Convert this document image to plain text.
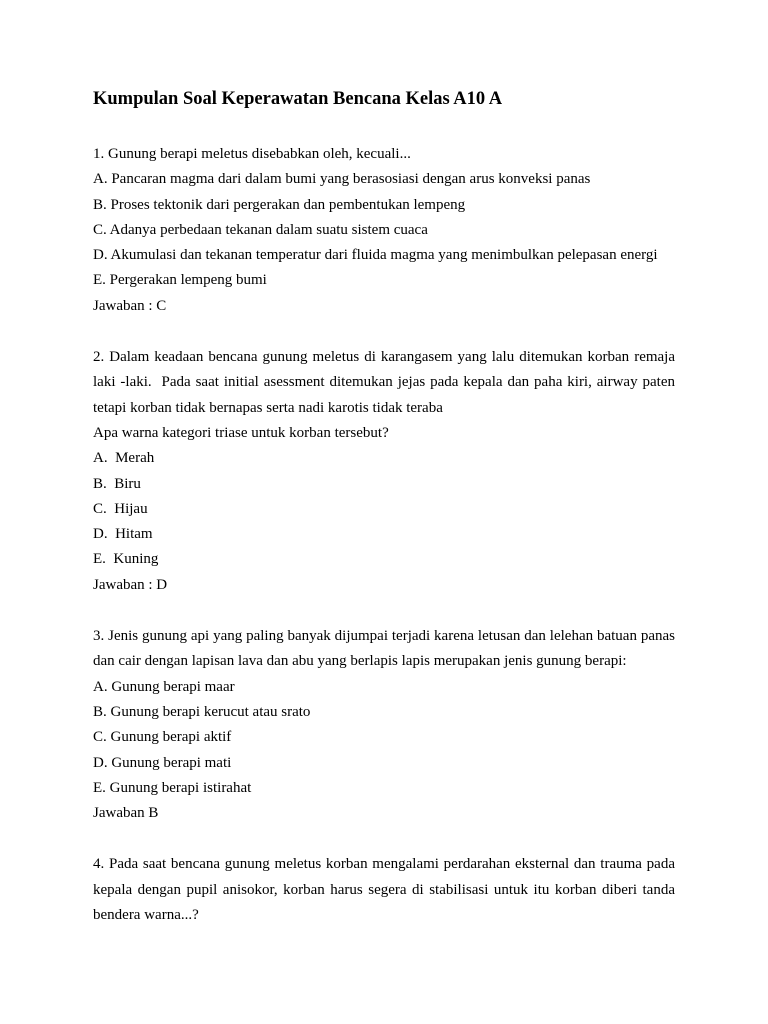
Kumpulan Soal Keperawatan Bencana Kelas A10 A
1. Gunung berapi meletus disebabkan oleh, kecuali...
A. Pancaran magma dari dalam bumi yang berasosiasi dengan arus konveksi panas
B. Proses tektonik dari pergerakan dan pembentukan lempeng
C. Adanya perbedaan tekanan dalam suatu sistem cuaca
D. Akumulasi dan tekanan temperatur dari fluida magma yang menimbulkan pelepasan energi
E. Pergerakan lempeng bumi
Jawaban : C
2. Dalam keadaan bencana gunung meletus di karangasem yang lalu ditemukan korban remaja laki -laki.  Pada saat initial asessment ditemukan jejas pada kepala dan paha kiri, airway paten tetapi korban tidak bernapas serta nadi karotis tidak teraba
Apa warna kategori triase untuk korban tersebut?
A.  Merah
B.  Biru
C.  Hijau
D.  Hitam
E.  Kuning
Jawaban : D
3. Jenis gunung api yang paling banyak dijumpai terjadi karena letusan dan lelehan batuan panas dan cair dengan lapisan lava dan abu yang berlapis lapis merupakan jenis gunung berapi:
A. Gunung berapi maar
B. Gunung berapi kerucut atau srato
C. Gunung berapi aktif
D. Gunung berapi mati
E. Gunung berapi istirahat
Jawaban B
4. Pada saat bencana gunung meletus korban mengalami perdarahan eksternal dan trauma pada kepala dengan pupil anisokor, korban harus segera di stabilisasi untuk itu korban diberi tanda bendera warna...?
